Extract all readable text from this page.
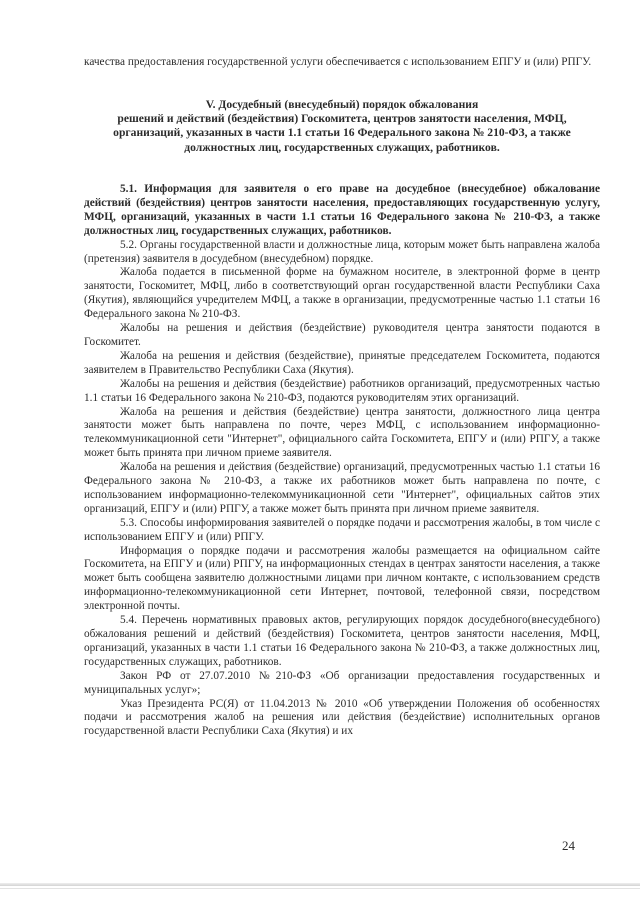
качества предоставления государственной услуги обеспечивается с использованием ЕПГУ и (или) РПГУ.

V. Досудебный (внесудебный) порядок обжалования
решений и действий (бездействия) Госкомитета, центров занятости населения, МФЦ, организаций, указанных в части 1.1 статьи 16 Федерального закона № 210-ФЗ, а также должностных лиц, государственных служащих, работников.

5.1. Информация для заявителя о его праве на досудебное (внесудебное) обжалование действий (бездействия) центров занятости населения, предоставляющих государственную услугу, МФЦ, организаций, указанных в части 1.1 статьи 16 Федерального закона № 210-ФЗ, а также должностных лиц, государственных служащих, работников.

5.2. Органы государственной власти и должностные лица, которым может быть направлена жалоба (претензия) заявителя в досудебном (внесудебном) порядке.

Жалоба подается в письменной форме на бумажном носителе, в электронной форме в центр занятости, Госкомитет, МФЦ, либо в соответствующий орган государственной власти Республики Саха (Якутия), являющийся учредителем МФЦ, а также в организации, предусмотренные частью 1.1 статьи 16 Федерального закона № 210-ФЗ.

Жалобы на решения и действия (бездействие) руководителя центра занятости подаются в Госкомитет.

Жалоба на решения и действия (бездействие), принятые председателем Госкомитета, подаются заявителем в Правительство Республики Саха (Якутия).

Жалобы на решения и действия (бездействие) работников организаций, предусмотренных частью 1.1 статьи 16 Федерального закона № 210-ФЗ, подаются руководителям этих организаций.

Жалоба на решения и действия (бездействие) центра занятости, должностного лица центра занятости может быть направлена по почте, через МФЦ, с использованием информационно-телекоммуникационной сети "Интернет", официального сайта Госкомитета, ЕПГУ и (или) РПГУ, а также может быть принята при личном приеме заявителя.

Жалоба на решения и действия (бездействие) организаций, предусмотренных частью 1.1 статьи 16 Федерального закона № 210-ФЗ, а также их работников может быть направлена по почте, с использованием информационно-телекоммуникационной сети "Интернет", официальных сайтов этих организаций, ЕПГУ и (или) РПГУ, а также может быть принята при личном приеме заявителя.

5.3. Способы информирования заявителей о порядке подачи и рассмотрения жалобы, в том числе с использованием ЕПГУ и (или) РПГУ.

Информация о порядке подачи и рассмотрения жалобы размещается на официальном сайте Госкомитета, на ЕПГУ и (или) РПГУ, на информационных стендах в центрах занятости населения, а также может быть сообщена заявителю должностными лицами при личном контакте, с использованием средств информационно-телекоммуникационной сети Интернет, почтовой, телефонной связи, посредством электронной почты.

5.4. Перечень нормативных правовых актов, регулирующих порядок досудебного(внесудебного) обжалования решений и действий (бездействия) Госкомитета, центров занятости населения, МФЦ, организаций, указанных в части 1.1 статьи 16 Федерального закона № 210-ФЗ, а также должностных лиц, государственных служащих, работников.

Закон РФ от 27.07.2010 №210-ФЗ «Об организации предоставления государственных и муниципальных услуг»;

Указ Президента РС(Я) от 11.04.2013 № 2010 «Об утверждении Положения об особенностях подачи и рассмотрения жалоб на решения или действия (бездействие) исполнительных органов государственной власти Республики Саха (Якутия) и их

24
